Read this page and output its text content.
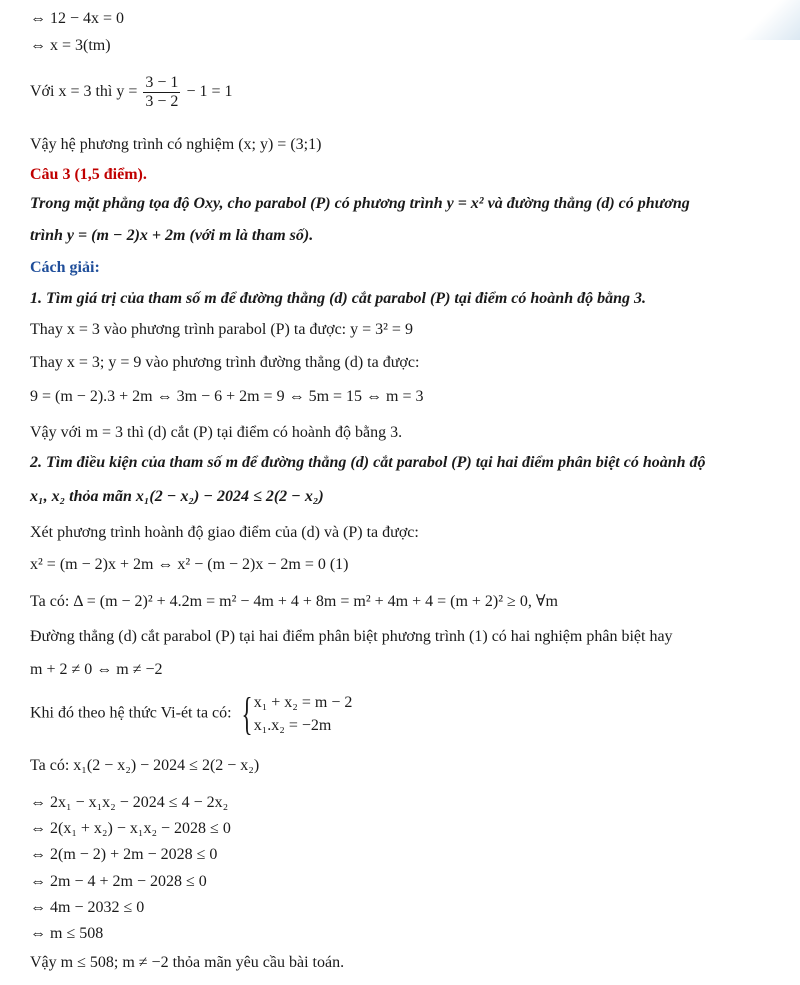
⇔ 12 − 4x = 0
⇔ x = 3(tm)
Với x = 3 thì $y = \frac{3 - 1}{3 - 2} - 1 = 1$
Vậy hệ phương trình có nghiệm (x; y) = (3;1)
Câu 3 (1,5 điểm).
Trong mặt phẳng tọa độ Oxy, cho parabol (P) có phương trình y = x² và đường thẳng (d) có phương
trình y = (m − 2)x + 2m (với m là tham số).
Cách giải:
1. Tìm giá trị của tham số m để đường thẳng (d) cắt parabol (P) tại điểm có hoành độ bằng 3.
Thay x = 3 vào phương trình parabol (P) ta được: y = 3² = 9
Thay x = 3; y = 9 vào phương trình đường thẳng (d) ta được:
9 = (m − 2).3 + 2m ⇔ 3m − 6 + 2m = 9 ⇔ 5m = 15 ⇔ m = 3
Vậy với m = 3 thì (d) cắt (P) tại điểm có hoành độ bằng 3.
2. Tìm điều kiện của tham số m để đường thẳng (d) cắt parabol (P) tại hai điểm phân biệt có hoành độ
x₁, x₂ thỏa mãn x₁(2 − x₂) − 2024 ≤ 2(2 − x₂)
Xét phương trình hoành độ giao điểm của (d) và (P) ta được:
x² = (m − 2)x + 2m ⇔ x² − (m − 2)x − 2m = 0 (1)
Ta có: Δ = (m − 2)² + 4.2m = m² − 4m + 4 + 8m = m² + 4m + 4 = (m + 2)² ≥ 0, ∀m
Đường thẳng (d) cắt parabol (P) tại hai điểm phân biệt phương trình (1) có hai nghiệm phân biệt hay
m + 2 ≠ 0 ⇔ m ≠ −2
Khi đó theo hệ thức Vi-ét ta có: { x₁ + x₂ = m − 2
x₁.x₂ = −2m
Ta có: x₁(2 − x₂) − 2024 ≤ 2(2 − x₂)
⇔ 2x₁ − x₁x₂ − 2024 ≤ 4 − 2x₂
⇔ 2(x₁ + x₂) − x₁x₂ − 2028 ≤ 0
⇔ 2(m − 2) + 2m − 2028 ≤ 0
⇔ 2m − 4 + 2m − 2028 ≤ 0
⇔ 4m − 2032 ≤ 0
⇔ m ≤ 508
Vậy m ≤ 508; m ≠ −2 thỏa mãn yêu cầu bài toán.
